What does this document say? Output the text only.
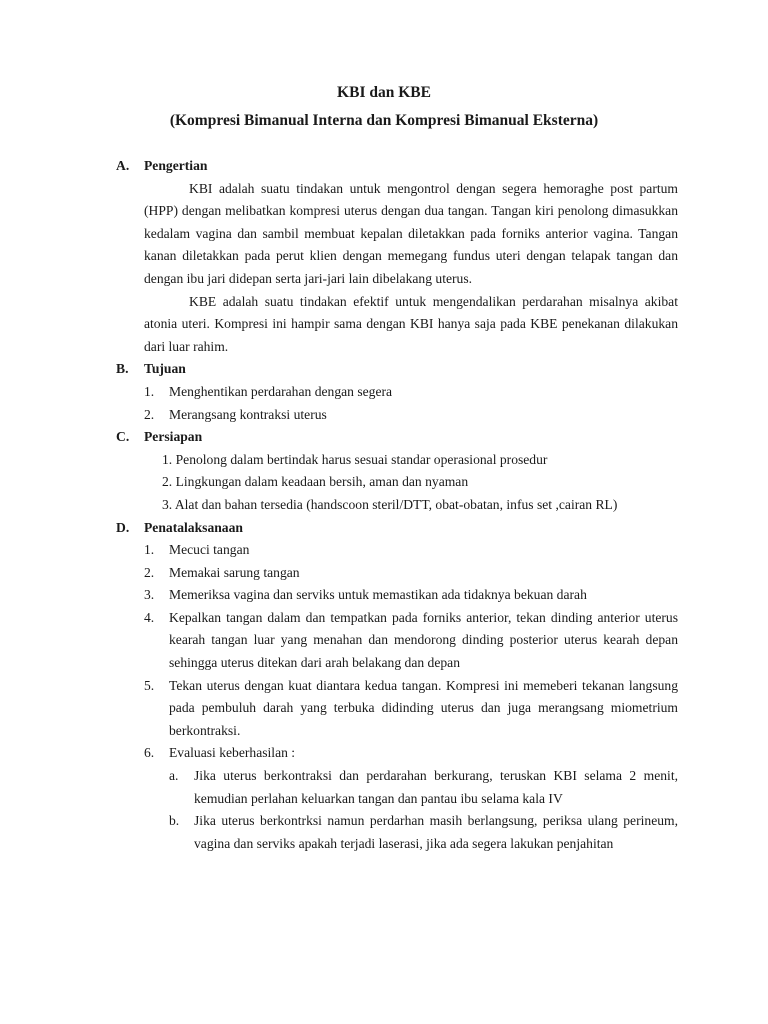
KBI dan KBE
(Kompresi Bimanual Interna dan Kompresi Bimanual Eksterna)
A. Pengertian
KBI adalah suatu tindakan untuk mengontrol dengan segera hemoraghe post partum (HPP) dengan melibatkan kompresi uterus dengan dua tangan. Tangan kiri penolong dimasukkan kedalam vagina dan sambil membuat kepalan diletakkan pada forniks anterior vagina. Tangan kanan diletakkan pada perut klien dengan memegang fundus uteri dengan telapak tangan dan dengan ibu jari didepan serta jari-jari lain dibelakang uterus.
KBE adalah suatu tindakan efektif untuk mengendalikan perdarahan misalnya akibat atonia uteri. Kompresi ini hampir sama dengan KBI hanya saja pada KBE penekanan dilakukan dari luar rahim.
B. Tujuan
1. Menghentikan perdarahan dengan segera
2. Merangsang kontraksi uterus
C. Persiapan
1. Penolong dalam bertindak harus sesuai standar operasional prosedur
2. Lingkungan dalam keadaan bersih, aman dan nyaman
3. Alat dan bahan tersedia (handscoon steril/DTT, obat-obatan, infus set ,cairan RL)
D. Penatalaksanaan
1. Mecuci tangan
2. Memakai sarung tangan
3. Memeriksa vagina dan serviks untuk memastikan ada tidaknya bekuan darah
4. Kepalkan tangan dalam dan tempatkan pada forniks anterior, tekan dinding anterior uterus kearah tangan luar yang menahan dan mendorong dinding posterior uterus kearah depan sehingga uterus ditekan dari arah belakang dan depan
5. Tekan uterus dengan kuat diantara kedua tangan. Kompresi ini memeberi tekanan langsung pada pembuluh darah yang terbuka didinding uterus dan juga merangsang miometrium berkontraksi.
6. Evaluasi keberhasilan :
a. Jika uterus berkontraksi dan perdarahan berkurang, teruskan KBI selama 2 menit, kemudian perlahan keluarkan tangan dan pantau ibu selama kala IV
b. Jika uterus berkontrksi namun perdarhan masih berlangsung, periksa ulang perineum, vagina dan serviks apakah terjadi laserasi, jika ada segera lakukan penjahitan
